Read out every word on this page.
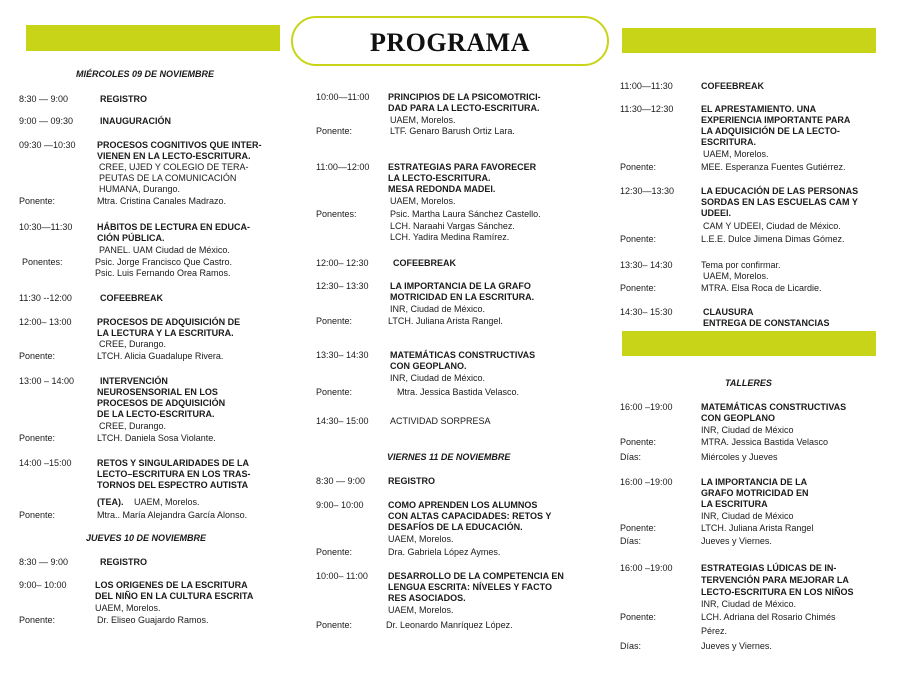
PROGRAMA
MIÉRCOLES 09 DE NOVIEMBRE
8:30 — 9:00	REGISTRO
9:00 — 09:30	INAUGURACIÓN
09:30 —10:30 PROCESOS COGNITIVOS QUE INTER-
VIENEN EN LA LECTO-ESCRITURA.
CREE, UJED Y COLEGIO DE TERA-
PEUTAS DE LA COMUNICACIÓN
HUMANA, Durango.
Ponente:	Mtra. Cristina Canales Madrazo.
10:30—11:30	HÁBITOS DE LECTURA EN EDUCA-
CIÓN PÚBLICA.
PANEL. UAM Ciudad de México.
Ponentes:	Psic. Jorge Francisco Que Castro.
Psic. Luis Fernando Orea Ramos.
11:30 --12:00	COFEEBREAK
12:00– 13:00	PROCESOS DE ADQUISICIÓN DE
LA LECTURA Y LA ESCRITURA.
CREE, Durango.
Ponente:	LTCH. Alicia Guadalupe Rivera.
13:00 – 14:00	INTERVENCIÓN
NEUROSENSORIAL EN LOS
PROCESOS DE ADQUISICIÓN
DE LA LECTO-ESCRITURA.
CREE, Durango.
Ponente:	LTCH. Daniela Sosa Violante.
14:00 –15:00	RETOS Y SINGULARIDADES DE LA
LECTO–ESCRITURA EN LOS TRAS-
TORNOS DEL ESPECTRO AUTISTA
(TEA). UAEM, Morelos.
Ponente:	Mtra.. María Alejandra García Alonso.
JUEVES 10 DE NOVIEMBRE
8:30 — 9:00	REGISTRO
9:00– 10:00	LOS ORIGENES DE LA ESCRITURA
DEL NIÑO EN LA CULTURA ESCRITA
UAEM, Morelos.
Ponente:	Dr. Eliseo Guajardo Ramos.
10:00—11:00 PRINCIPIOS DE LA PSICOMOTRICI-
DAD PARA LA LECTO-ESCRITURA.
UAEM, Morelos.
Ponente:	LTF. Genaro Barush Ortiz Lara.
11:00—12:00 ESTRATEGIAS PARA FAVORECER
LA LECTO-ESCRITURA.
MESA REDONDA MADEI.
UAEM, Morelos.
Ponentes:	Psic. Martha Laura Sánchez Castello.
LCH. Naraahi Vargas Sánchez.
LCH. Yadira Medina Ramírez.
12:00– 12:30	COFEEBREAK
12:30– 13:30 LA IMPORTANCIA DE LA GRAFO
MOTRICIDAD EN LA ESCRITURA.
INR, Ciudad de México.
Ponente:	LTCH. Juliana Arista Rangel.
13:30– 14:30 MATEMÁTICAS CONSTRUCTIVAS
CON GEOPLANO.
INR, Ciudad de México.
Ponente:	Mtra. Jessica Bastida Velasco.
14:30– 15:00 ACTIVIDAD SORPRESA
VIERNES 11 DE NOVIEMBRE
8:30 — 9:00	REGISTRO
9:00– 10:00	COMO APRENDEN LOS ALUMNOS
CON ALTAS CAPACIDADES: RETOS Y
DESAFÍOS DE LA EDUCACIÓN.
UAEM, Morelos.
Ponente:	Dra. Gabriela López Aymes.
10:00– 11:00 DESARROLLO DE LA COMPETENCIA EN
LENGUA ESCRITA: NÍVELES Y FACTO
RES ASOCIADOS.
UAEM, Morelos.
Ponente:	Dr. Leonardo Manríquez López.
11:00—11:30	COFEEBREAK
11:30—12:30	EL APRESTAMIENTO. UNA
EXPERIENCIA IMPORTANTE PARA
LA ADQUISICIÓN DE LA LECTO-
ESCRITURA.
UAEM, Morelos.
Ponente:	MEE. Esperanza Fuentes Gutiérrez.
12:30—13:30	LA EDUCACIÓN DE LAS PERSONAS
SORDAS EN LAS ESCUELAS CAM Y
UDEEI.
CAM Y UDEEI, Ciudad de México.
Ponente:	L.E.E. Dulce Jimena Dimas Gómez.
13:30– 14:30	Tema por confirmar.
UAEM, Morelos.
Ponente:	MTRA. Elsa Roca de Licardie.
14:30– 15:30	CLAUSURA
ENTREGA DE CONSTANCIAS
TALLERES
16:00 –19:00	MATEMÁTICAS CONSTRUCTIVAS
CON GEOPLANO
INR, Ciudad de México
Ponente:	MTRA. Jessica Bastida Velasco
Días:	Miércoles y Jueves
16:00 –19:00	LA IMPORTANCIA DE LA
GRAFO MOTRICIDAD EN
LA ESCRITURA
INR, Ciudad de México
Ponente:	LTCH. Juliana Arista Rangel
Días:	Jueves y Viernes.
16:00 –19:00	ESTRATEGIAS LÚDICAS DE IN-
TERVENCIÓN PARA MEJORAR LA
LECTO-ESCRITURA EN LOS NIÑOS
INR, Ciudad de México.
Ponente:	LCH. Adriana del Rosario Chimés
Pérez.
Días:	Jueves y Viernes.
